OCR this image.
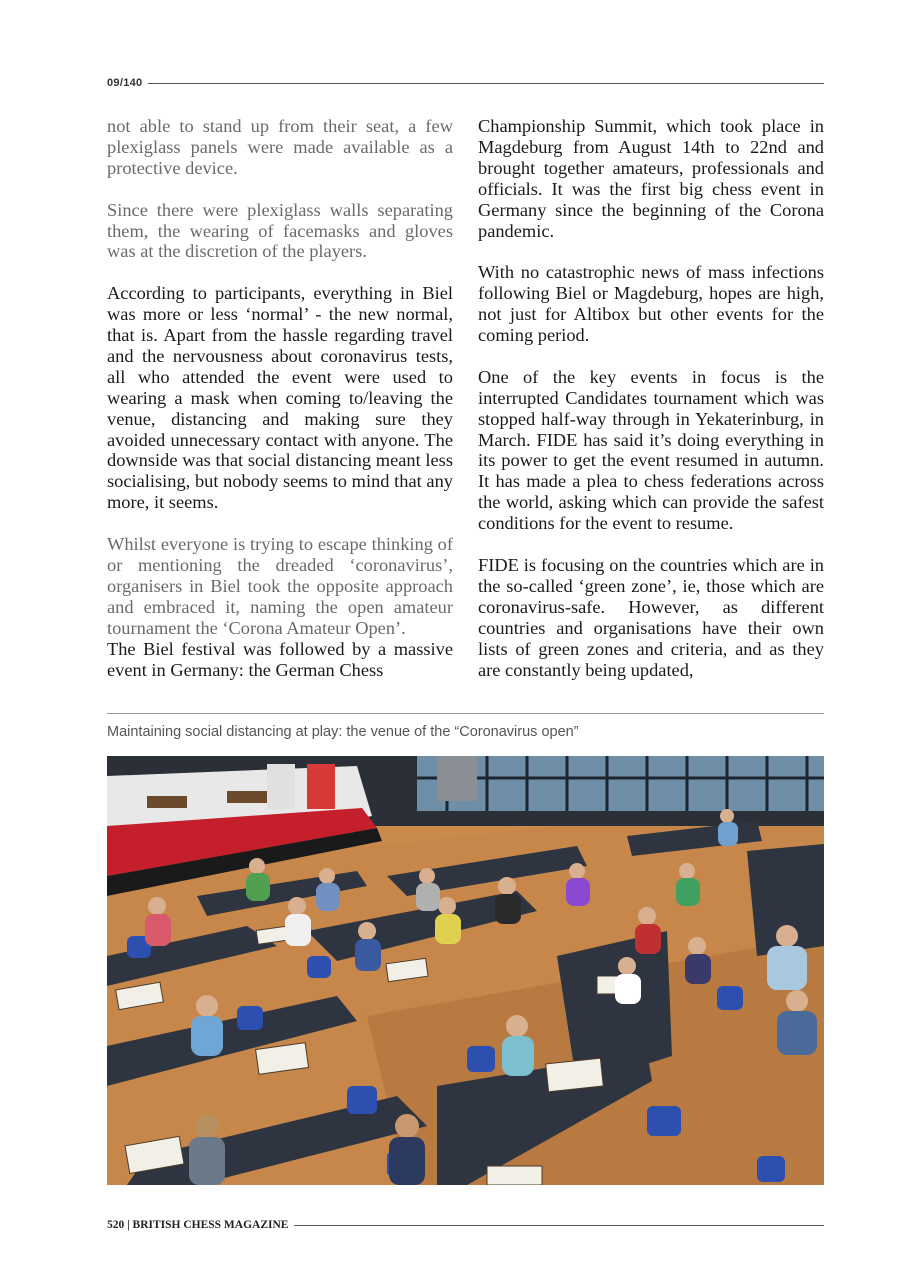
09/140

not able to stand up from their seat, a few plexiglass panels were made available as a protective device.

Since there were plexiglass walls separating them, the wearing of facemasks and gloves was at the discretion of the players.

According to participants, everything in Biel was more or less ‘normal’ - the new normal, that is. Apart from the hassle regarding travel and the nervousness about coronavirus tests, all who attended the event were used to wearing a mask when coming to/leaving the venue, distancing and making sure they avoided unnecessary contact with anyone. The downside was that social distancing meant less socialising, but nobody seems to mind that any more, it seems.

Whilst everyone is trying to escape thinking of or mentioning the dreaded ‘coronavirus’, organisers in Biel took the opposite approach and embraced it, naming the open amateur tournament the ‘Corona Amateur Open’.

The Biel festival was followed by a massive event in Germany: the German Chess

Championship Summit, which took place in Magdeburg from August 14th to 22nd and brought together amateurs, professionals and officials. It was the first big chess event in Germany since the beginning of the Corona pandemic.

With no catastrophic news of mass infections following Biel or Magdeburg, hopes are high, not just for Altibox but other events for the coming period.

One of the key events in focus is the interrupted Candidates tournament which was stopped half-way through in Yekaterinburg, in March. FIDE has said it’s doing everything in its power to get the event resumed in autumn. It has made a plea to chess federations across the world, asking which can provide the safest conditions for the event to resume.

FIDE is focusing on the countries which are in the so-called ‘green zone’, ie, those which are coronavirus-safe. However, as different countries and organisations have their own lists of green zones and criteria, and as they are constantly being updated,

Maintaining social distancing at play: the venue of the “Coronavirus open”
520 | BRITISH CHESS MAGAZINE
